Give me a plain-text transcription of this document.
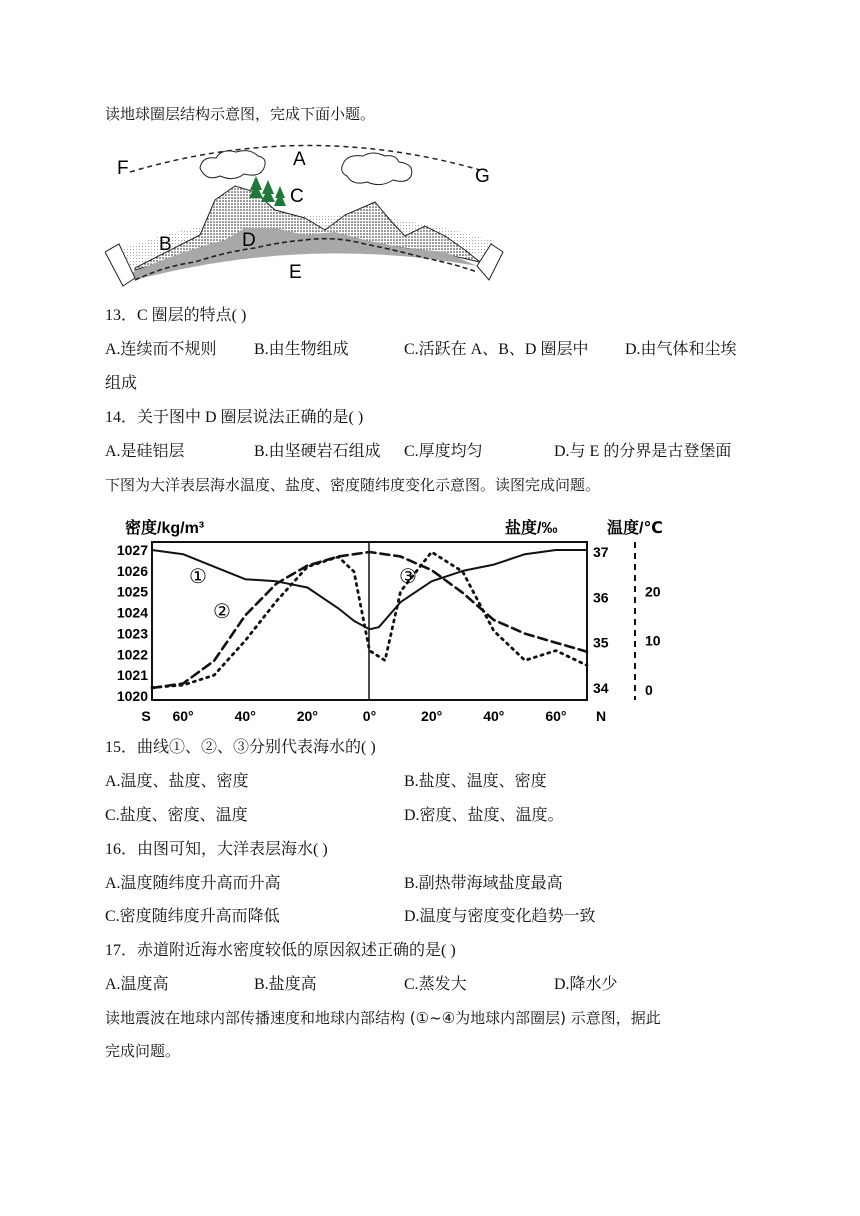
读地球圈层结构示意图，完成下面小题。
F	G
A
C
B	D
E
13．C 圈层的特点( )
A.连续而不规则 B.由生物组成	C.活跃在 A、B、D 圈层中 D.由气体和尘埃
组成
14．关于图中 D 圈层说法正确的是( )
A.是硅铝层	B.由坚硬岩石组成 C.厚度均匀	D.与 E 的分界是古登堡面
下图为大洋表层海水温度、盐度、密度随纬度变化示意图。读图完成问题。
密度/kg/m³	盐度/‰	温度/℃
1027
1026
1025
1024
1023
1022
1021
1020
37
36
35
34
20
10
0
S 60°	40°	20°	0°	20°	40°	60° N
①
②
③
15．曲线①、②、③分别代表海水的( )
A.温度、盐度、密度	B.盐度、温度、密度
C.盐度、密度、温度	D.密度、盐度、温度。
16．由图可知，大洋表层海水( )
A.温度随纬度升高而升高	B.副热带海域盐度最高
C.密度随纬度升高而降低	D.温度与密度变化趋势一致
17．赤道附近海水密度较低的原因叙述正确的是( )
A.温度高	B.盐度高	C.蒸发大	D.降水少
读地震波在地球内部传播速度和地球内部结构 (①~④为地球内部圈层) 示意图，据此
完成问题。
